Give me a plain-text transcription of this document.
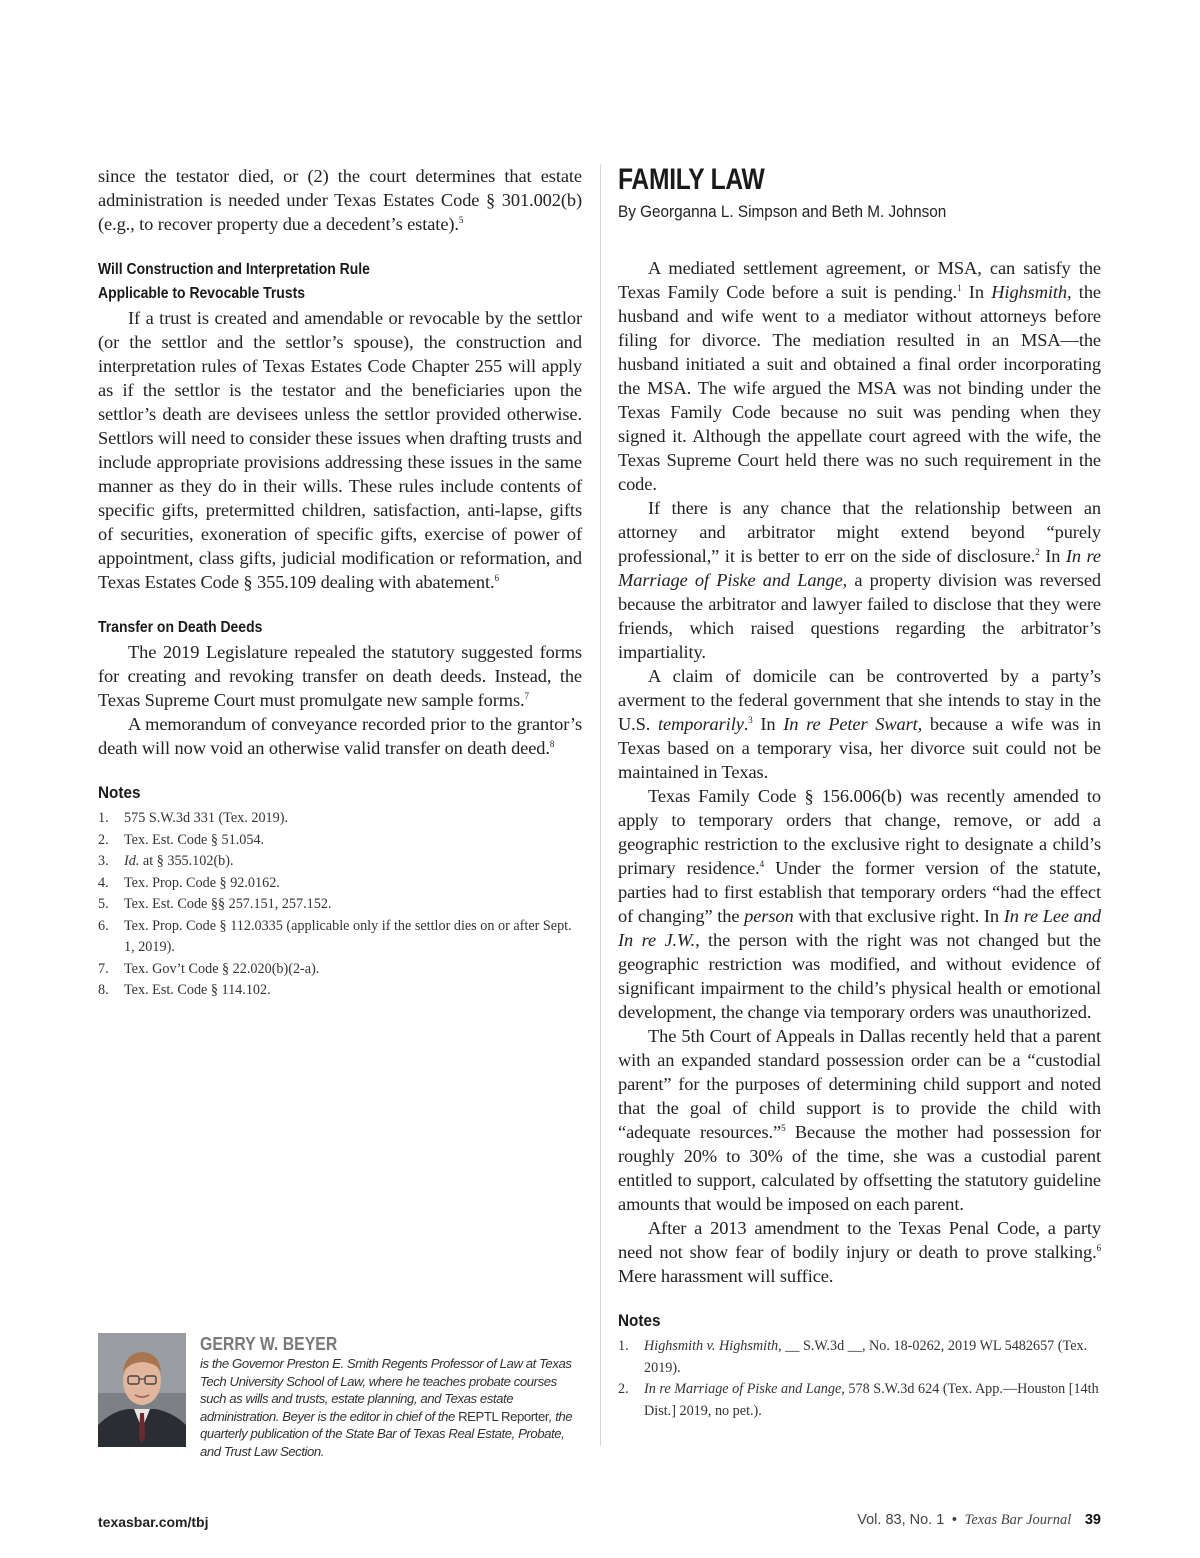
since the testator died, or (2) the court determines that estate administration is needed under Texas Estates Code § 301.002(b) (e.g., to recover property due a decedent’s estate).$^5$

Will Construction and Interpretation Rule
Applicable to Revocable Trusts

If a trust is created and amendable or revocable by the settlor (or the settlor and the settlor’s spouse), the construction and interpretation rules of Texas Estates Code Chapter 255 will apply as if the settlor is the testator and the beneficiaries upon the settlor’s death are devisees unless the settlor provided otherwise. Settlors will need to consider these issues when drafting trusts and include appropriate provisions addressing these issues in the same manner as they do in their wills. These rules include contents of specific gifts, pretermitted children, satisfaction, anti-lapse, gifts of securities, exoneration of specific gifts, exercise of power of appointment, class gifts, judicial modification or reformation, and Texas Estates Code § 355.109 dealing with abatement.$^6$

Transfer on Death Deeds

The 2019 Legislature repealed the statutory suggested forms for creating and revoking transfer on death deeds. Instead, the Texas Supreme Court must promulgate new sample forms.$^7$

A memorandum of conveyance recorded prior to the grantor’s death will now void an otherwise valid transfer on death deed.$^8$

Notes
1. 575 S.W.3d 331 (Tex. 2019).
2. Tex. Est. Code § 51.054.
3. Id. at § 355.102(b).
4. Tex. Prop. Code § 92.0162.
5. Tex. Est. Code §§ 257.151, 257.152.
6. Tex. Prop. Code § 112.0335 (applicable only if the settlor dies on or after Sept. 1, 2019).
7. Tex. Gov’t Code § 22.020(b)(2-a).
8. Tex. Est. Code § 114.102.
GERRY W. BEYER

is the Governor Preston E. Smith Regents Professor of Law at Texas Tech University School of Law, where he teaches probate courses such as wills and trusts, estate planning, and Texas estate administration. Beyer is the editor in chief of the REPTL Reporter, the quarterly publication of the State Bar of Texas Real Estate, Probate, and Trust Law Section.

FAMILY LAW
By Georganna L. Simpson and Beth M. Johnson

A mediated settlement agreement, or MSA, can satisfy the Texas Family Code before a suit is pending.$^1$ In Highsmith, the husband and wife went to a mediator without attorneys before filing for divorce. The mediation resulted in an MSA—the husband initiated a suit and obtained a final order incorporating the MSA. The wife argued the MSA was not binding under the Texas Family Code because no suit was pending when they signed it. Although the appellate court agreed with the wife, the Texas Supreme Court held there was no such requirement in the code.

If there is any chance that the relationship between an attorney and arbitrator might extend beyond “purely professional,” it is better to err on the side of disclosure.$^2$ In In re Marriage of Piske and Lange, a property division was reversed because the arbitrator and lawyer failed to disclose that they were friends, which raised questions regarding the arbitrator’s impartiality.

A claim of domicile can be controverted by a party’s averment to the federal government that she intends to stay in the U.S. temporarily.$^3$ In In re Peter Swart, because a wife was in Texas based on a temporary visa, her divorce suit could not be maintained in Texas.

Texas Family Code § 156.006(b) was recently amended to apply to temporary orders that change, remove, or add a geographic restriction to the exclusive right to designate a child’s primary residence.$^4$ Under the former version of the statute, parties had to first establish that temporary orders “had the effect of changing” the person with that exclusive right. In In re Lee and In re J.W., the person with the right was not changed but the geographic restriction was modified, and without evidence of significant impairment to the child’s physical health or emotional development, the change via temporary orders was unauthorized.

The 5th Court of Appeals in Dallas recently held that a parent with an expanded standard possession order can be a “custodial parent” for the purposes of determining child support and noted that the goal of child support is to provide the child with “adequate resources.”$^5$ Because the mother had possession for roughly 20% to 30% of the time, she was a custodial parent entitled to support, calculated by offsetting the statutory guideline amounts that would be imposed on each parent.

After a 2013 amendment to the Texas Penal Code, a party need not show fear of bodily injury or death to prove stalking.$^6$ Mere harassment will suffice.

Notes
1. Highsmith v. Highsmith, __ S.W.3d __, No. 18-0262, 2019 WL 5482657 (Tex. 2019).
2. In re Marriage of Piske and Lange, 578 S.W.3d 624 (Tex. App.—Houston [14th Dist.] 2019, no pet.).
texasbar.com/tbj	Vol. 83, No. 1 • Texas Bar Journal 39
